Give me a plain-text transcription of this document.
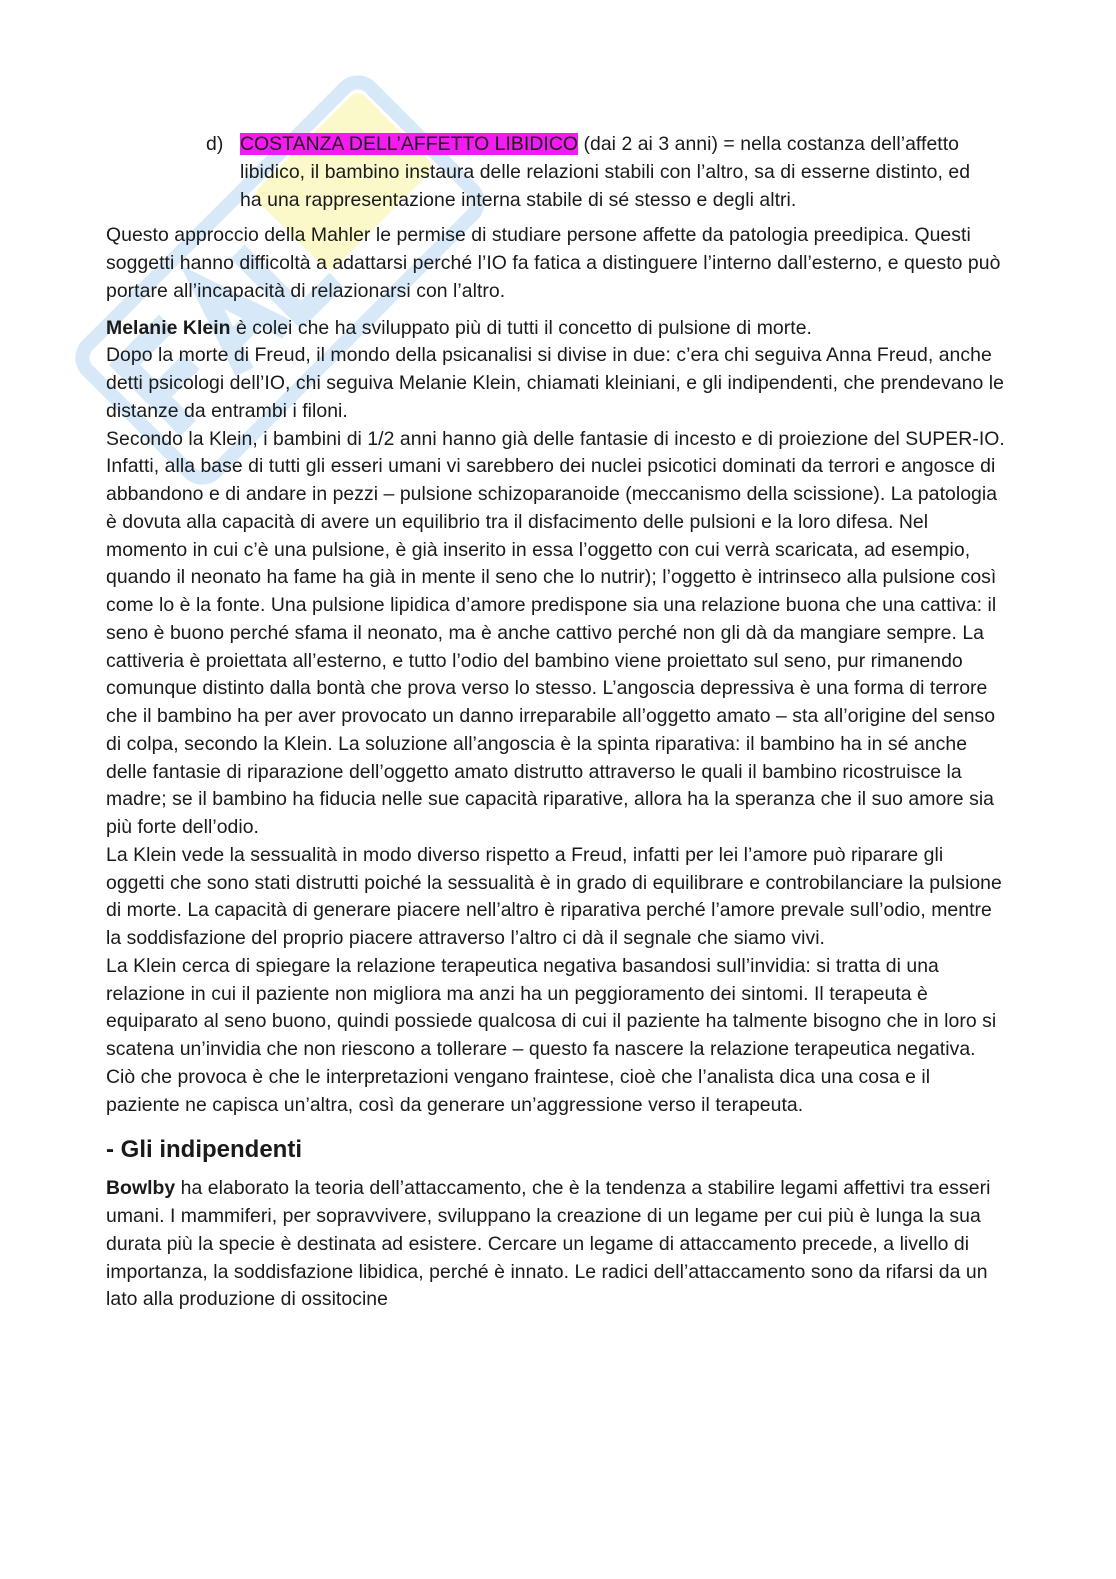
d) COSTANZA DELL’AFFETTO LIBIDICO (dai 2 ai 3 anni) = nella costanza dell’affetto libidico, il bambino instaura delle relazioni stabili con l’altro, sa di esserne distinto, ed ha una rappresentazione interna stabile di sé stesso e degli altri.

Questo approccio della Mahler le permise di studiare persone affette da patologia preedipica. Questi soggetti hanno difficoltà a adattarsi perché l’IO fa fatica a distinguere l’interno dall’esterno, e questo può portare all’incapacità di relazionarsi con l’altro.

Melanie Klein è colei che ha sviluppato più di tutti il concetto di pulsione di morte.

Dopo la morte di Freud, il mondo della psicanalisi si divise in due: c’era chi seguiva Anna Freud, anche detti psicologi dell’IO, chi seguiva Melanie Klein, chiamati kleiniani, e gli indipendenti, che prendevano le distanze da entrambi i filoni.

Secondo la Klein, i bambini di 1/2 anni hanno già delle fantasie di incesto e di proiezione del SUPER-IO. Infatti, alla base di tutti gli esseri umani vi sarebbero dei nuclei psicotici dominati da terrori e angosce di abbandono e di andare in pezzi – pulsione schizoparanoide (meccanismo della scissione). La patologia è dovuta alla capacità di avere un equilibrio tra il disfacimento delle pulsioni e la loro difesa. Nel momento in cui c’è una pulsione, è già inserito in essa l’oggetto con cui verrà scaricata, ad esempio, quando il neonato ha fame ha già in mente il seno che lo nutrir); l’oggetto è intrinseco alla pulsione così come lo è la fonte. Una pulsione lipidica d’amore predispone sia una relazione buona che una cattiva: il seno è buono perché sfama il neonato, ma è anche cattivo perché non gli dà da mangiare sempre. La cattiveria è proiettata all’esterno, e tutto l’odio del bambino viene proiettato sul seno, pur rimanendo comunque distinto dalla bontà che prova verso lo stesso. L’angoscia depressiva è una forma di terrore che il bambino ha per aver provocato un danno irreparabile all’oggetto amato – sta all’origine del senso di colpa, secondo la Klein. La soluzione all’angoscia è la spinta riparativa: il bambino ha in sé anche delle fantasie di riparazione dell’oggetto amato distrutto attraverso le quali il bambino ricostruisce la madre; se il bambino ha fiducia nelle sue capacità riparative, allora ha la speranza che il suo amore sia più forte dell’odio.

La Klein vede la sessualità in modo diverso rispetto a Freud, infatti per lei l’amore può riparare gli oggetti che sono stati distrutti poiché la sessualità è in grado di equilibrare e controbilanciare la pulsione di morte. La capacità di generare piacere nell’altro è riparativa perché l’amore prevale sull’odio, mentre la soddisfazione del proprio piacere attraverso l’altro ci dà il segnale che siamo vivi.

La Klein cerca di spiegare la relazione terapeutica negativa basandosi sull’invidia: si tratta di una relazione in cui il paziente non migliora ma anzi ha un peggioramento dei sintomi. Il terapeuta è equiparato al seno buono, quindi possiede qualcosa di cui il paziente ha talmente bisogno che in loro si scatena un’invidia che non riescono a tollerare – questo fa nascere la relazione terapeutica negativa. Ciò che provoca è che le interpretazioni vengano fraintese, cioè che l’analista dica una cosa e il paziente ne capisca un’altra, così da generare un’aggressione verso il terapeuta.

- Gli indipendenti

Bowlby ha elaborato la teoria dell’attaccamento, che è la tendenza a stabilire legami affettivi tra esseri umani. I mammiferi, per sopravvivere, sviluppano la creazione di un legame per cui più è lunga la sua durata più la specie è destinata ad esistere. Cercare un legame di attaccamento precede, a livello di importanza, la soddisfazione libidica, perché è innato. Le radici dell’attaccamento sono da rifarsi da un lato alla produzione di ossitocine
